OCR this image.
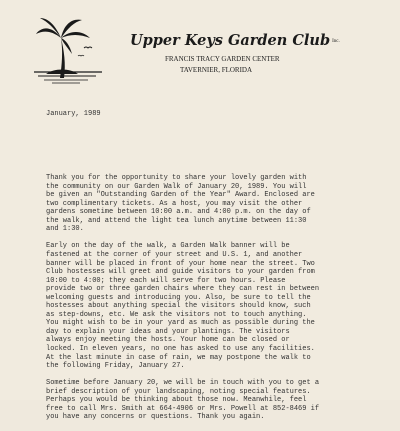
Upper Keys Garden Club $^{Inc.}$
FRANCIS TRACY GARDEN CENTER
TAVERNIER, FLORIDA
January, 1989
Thank you for the opportunity to share your lovely garden with
the community on our Garden Walk of January 20, 1989. You will
be given an "Outstanding Garden of the Year" Award. Enclosed are
two complimentary tickets. As a host, you may visit the other
gardens sometime between 10:00 a.m. and 4:00 p.m. on the day of
the walk, and attend the light tea lunch anytime between 11:30
and 1:30.
Early on the day of the walk, a Garden Walk banner will be
fastened at the corner of your street and U.S. 1, and another
banner will be placed in front of your home near the street. Two
Club hostesses will greet and guide visitors to your garden from
10:00 to 4:00; they each will serve for two hours. Please
provide two or three garden chairs where they can rest in between
welcoming guests and introducing you. Also, be sure to tell the
hostesses about anything special the visitors should know, such
as step-downs, etc. We ask the visitors not to touch anything.
You might wish to be in your yard as much as possible during the
day to explain your ideas and your plantings. The visitors
always enjoy meeting the hosts. Your home can be closed or
locked. In eleven years, no one has asked to use any facilities.
At the last minute in case of rain, we may postpone the walk to
the following Friday, January 27.
Sometime before January 20, we will be in touch with you to get a
brief description of your landscaping, noting special features.
Perhaps you would be thinking about those now. Meanwhile, feel
free to call Mrs. Smith at 664-4906 or Mrs. Powell at 852-8469 if
you have any concerns or questions. Thank you again.
